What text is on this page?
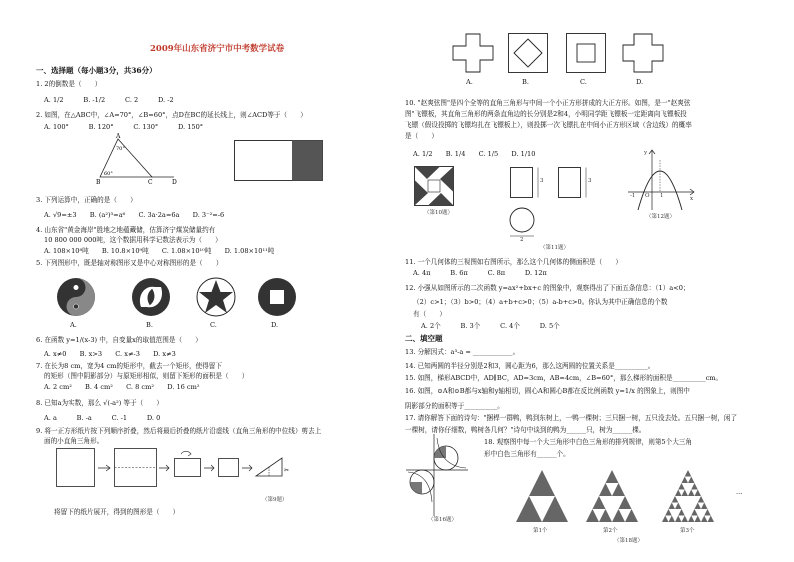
2009年山东省济宁市中考数学试卷
一、选择题（每小题3分，共36分）
1. 2的倒数是（　　）
A. 1/2　　　B. -1/2　　　C. 2　　　D. -2
2. 如图，在△ABC中，∠A=70°，∠B=60°，点D在BC的延长线上，则∠ACD等于（　　）
A. 100°　　　B. 120°　　　C. 130°　　　D. 150°
B
A
C	D
70°
60°
3. 下列运算中，正确的是（　　）
A. √9=±3　　B. (a²)³=a⁶　　C. 3a·2a=6a　　D. 3⁻²=-6
4. 山东省"黄金海岸"胜地之地蕴藏储，估算济宁煤炭储量约有
10 800 000 000吨，这个数据用科学记数法表示为（　　）
A. 108×10⁸吨　　B. 10.8×10⁹吨　　C. 1.08×10¹⁰吨　　D. 1.08×10¹¹吨
5. 下列图形中，既是轴对称图形又是中心对称图形的是（　　）
A.	B.	C.	D.
6. 在函数 y=1/(x-3) 中，自变量x的取值范围是（　　）
A. x≠0　　B. x>3　　C. x≠-3　　D. x≠3
7. 在长为8 cm，宽为4 cm的矩形中，截去一个矩形，使得留下
的矩形（图中阴影部分）与原矩形相似，则留下矩形的面积是（　　）
A. 2 cm²　　B. 4 cm²　　C. 8 cm²　　D. 16 cm²
8. 已知a为实数，那么 √(-a²) 等于（　　）
A. a　　　B. -a　　　C. -1　　　D. 0
9. 将一正方形纸片按下列顺序折叠，然后将最后折叠的纸片沿虚线（直角三角形的中位线）剪去上
面的小直角三角形。
✂
（第9题）
将留下的纸片展开，得到的图形是（　　）
A.	B.	C.	D.
10. "赵爽弦图"是四个全等的直角三角形与中间一个小正方形拼成的大正方形。如图，是一"赵爽弦
图"飞镖板，其直角三角形的两条直角边的长分别是2和4，小明同学距飞镖板一定距离向飞镖板投
飞镖（假设投掷的飞镖均扎在飞镖板上），则投掷一次飞镖扎在中间小正方形区域（含边线）的概率
是（　　）
A. 1/2　　B. 1/4　　C. 1/5　　D. 1/10
（第10题）
3	3
2
（第11题）
y
x
O
-1	1
（第12题）
11. 一个几何体的三视图如右图所示，那么这个几何体的侧面积是（　　）
A. 4π　　　B. 6π　　　C. 8π　　　D. 12π
12. 小强从如图所示的二次函数 y=ax²+bx+c 的图象中，观察得出了下面五条信息：（1）a<0；
（2）c>1；（3）b>0；（4）a+b+c>0；（5）a-b+c>0。你认为其中正确信息的个数
有（　　）
A. 2个　　　B. 3个　　　C. 4个　　　D. 5个
二、填空题
13. 分解因式：a³-a = ____________。
14. 已知两圆的半径分别是2和3，圆心距为6，那么这两圆的位置关系是__________。
15. 如图，梯形ABCD中，AD∥BC，AD=3cm，AB=4cm，∠B=60°，那么梯形的面积是__________cm。
16. 如图，⊙A和⊙B都与x轴和y轴相切，圆心A和圆心B都在反比例函数 y=1/x 的图象上，则图中
阴影部分的面积等于__________。
17. 请你解答下面的诗句："捆桿一群鸭，鸭到东树上，一鸭一棵树；三只捆一树，五只没去处。五只捆一树，闲了
一棵树，请你仔细数，鸭树各几何？"诗句中谈到的鸭为______只，树为______棵。
（第16题）
18. 观察图中每一个大三角形中白色三角形的排列规律，则第5个大三角
形中白色三角形有______个。
···
第1个	第2个	第3个
（第18题）
